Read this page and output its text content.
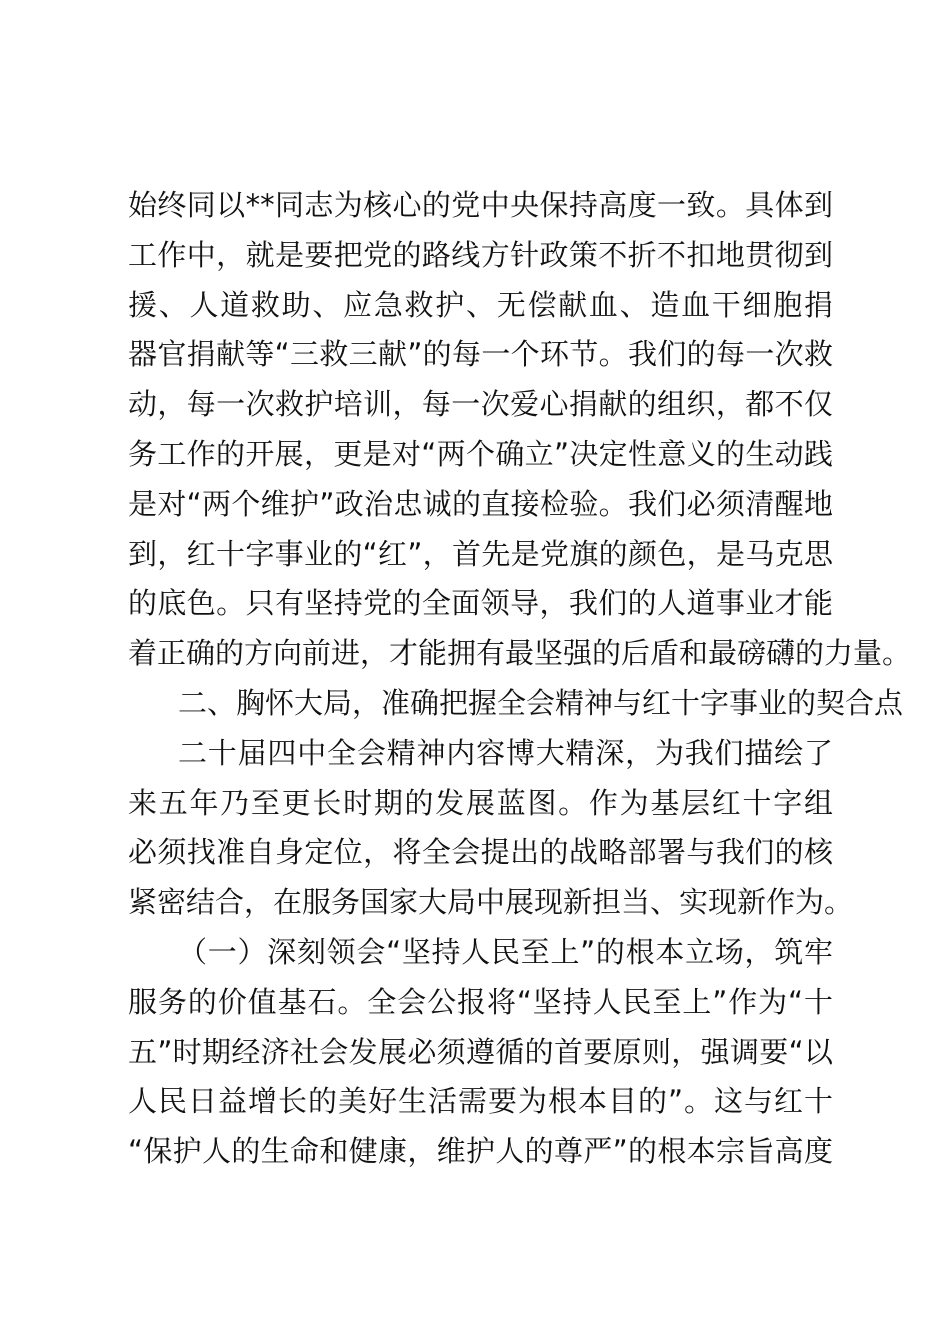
始终同以**同志为核心的党中央保持高度一致。具体到
工作中，就是要把党的路线方针政策不折不扣地贯彻到
援、人道救助、应急救护、无偿献血、造血干细胞捐
器官捐献等“三救三献”的每一个环节。我们的每一次救
动，每一次救护培训，每一次爱心捐献的组织，都不仅
务工作的开展，更是对“两个确立”决定性意义的生动践
是对“两个维护”政治忠诚的直接检验。我们必须清醒地
到，红十字事业的“红”，首先是党旗的颜色，是马克思
的底色。只有坚持党的全面领导，我们的人道事业才能
着正确的方向前进，才能拥有最坚强的后盾和最磅礴的力量。
二、胸怀大局，准确把握全会精神与红十字事业的契合点
二十届四中全会精神内容博大精深，为我们描绘了
来五年乃至更长时期的发展蓝图。作为基层红十字组
必须找准自身定位，将全会提出的战略部署与我们的核
紧密结合，在服务国家大局中展现新担当、实现新作为。
（一）深刻领会“坚持人民至上”的根本立场，筑牢
服务的价值基石。全会公报将“坚持人民至上”作为“十
五”时期经济社会发展必须遵循的首要原则，强调要“以
人民日益增长的美好生活需要为根本目的”。这与红十
“保护人的生命和健康，维护人的尊严”的根本宗旨高度
